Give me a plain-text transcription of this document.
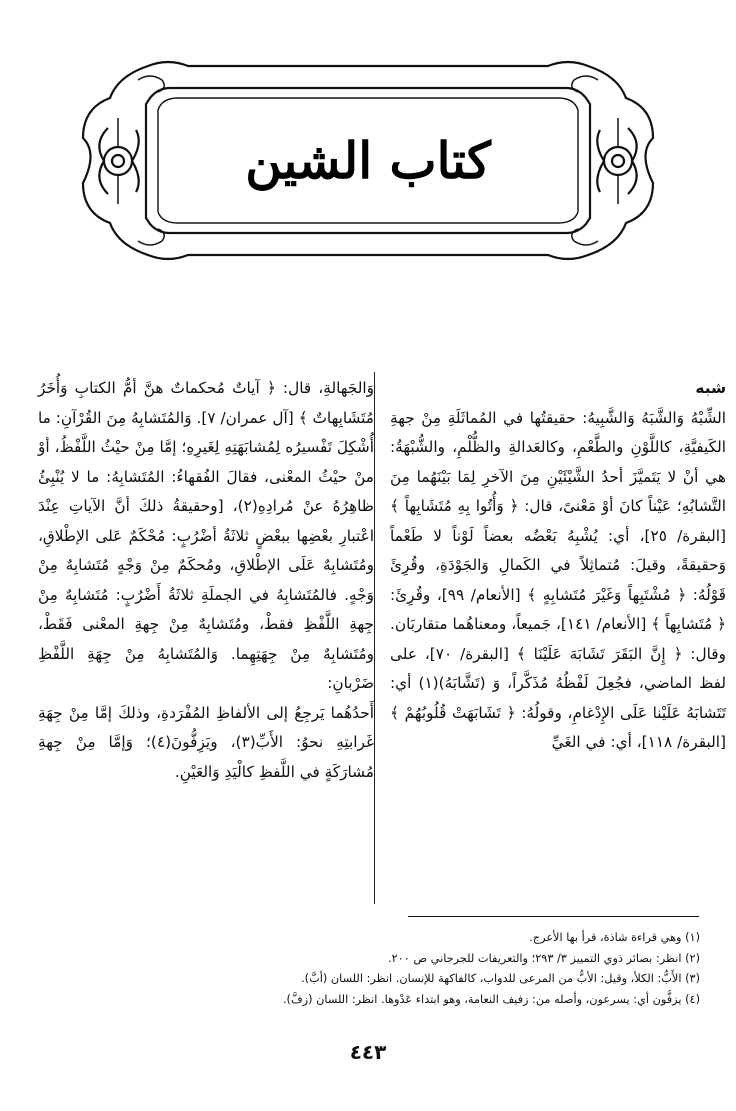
كتاب الشين
شبه

الشِّبْهُ وَالشَّبَهُ وَالشَّبِيهُ: حقيقتُها في المُماثَلَةِ مِنْ جهةِ الكَيفيَّةِ، كاللَّوْنِ والطَّعْمِ، وكالعَدالةِ والظُّلْمِ، والشُّبْهَةُ: هي أنْ لا يَتَميَّزَ أحدُ الشَّيْئَيْنِ مِنَ الآخرِ لِمَا بَيْنَهُما مِنَ التَّشابُهِ؛ عَيْناً كانَ أوْ مَعْنىً، قال: ﴿ وَأُتُوا بِهِ مُتَشَابِهاً ﴾ [البقرة/ ٢٥]، أي: يُشْبِهُ بَعْضُه بعضاً لَوْناً لا طَعْماً وَحقيقةً، وقيلَ: مُتماثِلاً في الكَمالِ وَالجَوْدَةِ، وقُرِئَ قَوْلُهُ: ﴿ مُشْتَبِهاً وَغَيْرَ مُتَشابِهٍ ﴾ [الأنعام/ ٩٩]، وقُرِئَ: ﴿ مُتَشابِهاً ﴾ [الأنعام/ ١٤١]، جَميعاً، ومعناهُما متقاربَان. وقال: ﴿ إِنَّ البَقَرَ تَشَابَهَ عَلَيْنَا ﴾ [البقرة/ ٧٠]، على لفظ الماضي، فجُعِلَ لَفْظُهُ مُذَكَّراً، وَ (تَشَّابَهُ)(١) أي: تَتَشابَهُ عَلَيْنا عَلَى الإِدْغامِ، وقولُهُ: ﴿ تَشَابَهَتْ قُلُوبُهُمْ ﴾ [البقرة/ ١١٨]، أي: في الغَيِّ

وَالجَهالةِ، قال: ﴿ آياتٌ مُحكماتٌ هنَّ أمُّ الكتابِ وَأُخَرُ مُتَشَابِهاتٌ ﴾ [آل عمران/ ٧]. وَالمُتَشابِهُ مِنَ القُرْآنِ: ما أُشْكِلَ تَفْسيرُه لِمُشابَهَتِهِ لِغَيرِهِ؛ إمَّا مِنْ حيْثُ اللَّفْظُ، أوْ منْ حيْثُ المعْنى، فقالَ الفُقهاءُ: المُتَشابِهُ: ما لا يُنْبِئُ ظاهِرُهُ عنْ مُرادِهِ(٢)، [وحقيقةُ ذلكَ أنَّ الآياتِ عِنْدَ اعْتبارِ بعْضِها ببعْضٍ ثلاثَةُ أضْرُبٍ: مُحْكَمٌ عَلى الإطْلاقِ، ومُتَشابِهٌ عَلَى الإطْلاقِ، ومُحكَمٌ مِنْ وَجْهٍ مُتَشابِهٌ مِنْ وَجْهٍ. فالمُتَشابِهُ في الجملَةِ ثلاثَةُ أَضْرُبٍ: مُتَشابِهٌ مِنْ جِهةِ اللَّفْظِ فقطْ، ومُتَشابِهٌ مِنْ جِهةِ المعْنى فَقَطْ، ومُتَشابِهٌ مِنْ جِهَتِهِما. وَالمُتَشابِهُ مِنْ جِهَةِ اللَّفْظِ ضَرْبانِ:

أَحدُهُما يَرجِعُ إلى الألفاظِ المُفْرَدةِ، وذلكَ إمَّا مِنْ جِهَةِ غَرابتِهِ نحوُ: الأَبِّ(٣)، ويَزِفُّونَ(٤)؛ وَإمَّا مِنْ جِهةِ مُشارَكَةٍ في اللَّفظِ كالْيَدِ وَالعَيْنِ.

(١) وهي قراءة شاذة، قرأ بها الأعرج.
(٢) انظر: بصائر ذوي التمييز ٣/ ٢٩٣؛ والتعريفات للجرجاني ص ٢٠٠.
(٣) الأَبُّ: الكلأ، وقيل: الأبُّ من المرعى للدواب، كالفاكهة للإنسان. انظر: اللسان (أبَّ).
(٤) يزفُّون أي: يسرعون، وأصله من: زفيف النعامة، وهو ابتداء عَدْوها. انظر: اللسان (زفَّ).
٤٤٣
